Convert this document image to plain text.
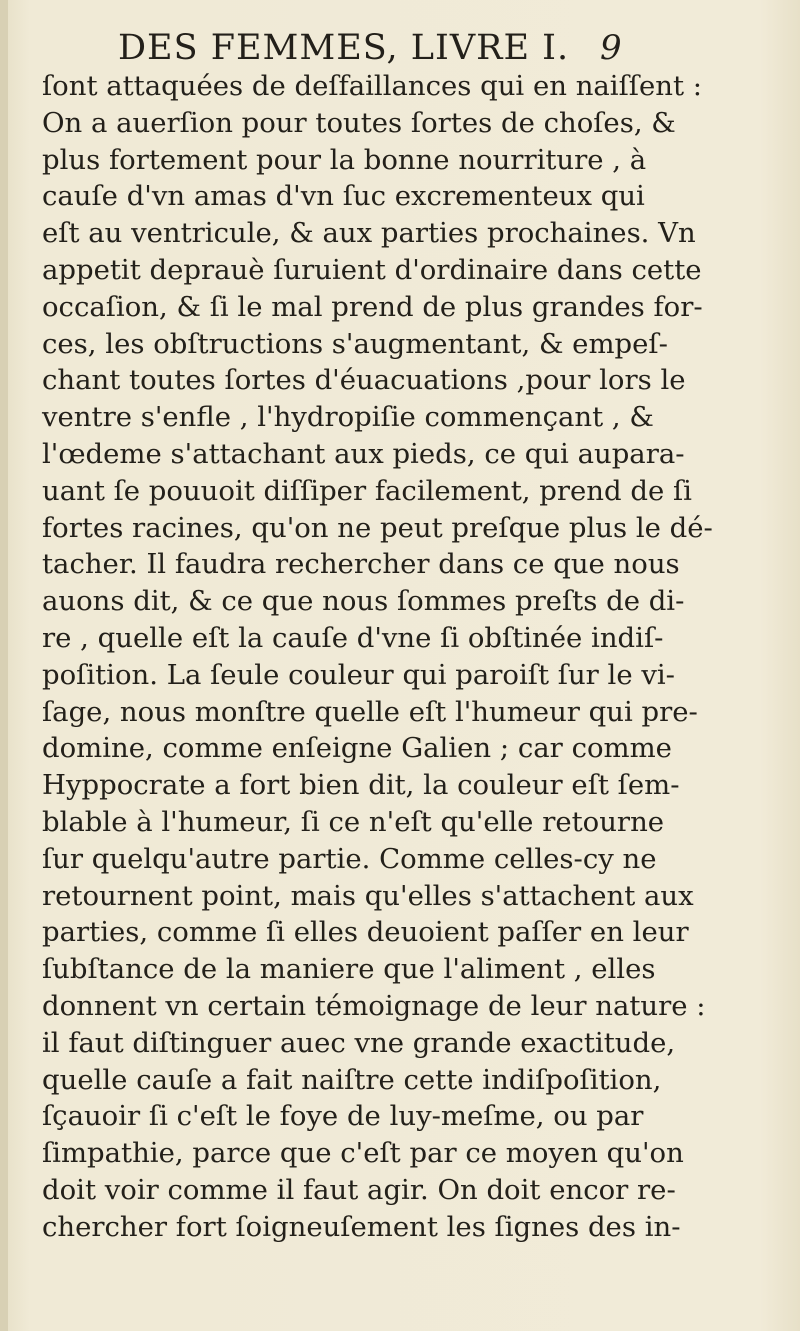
DES FEMMES, LIVRE I. 9
ſont attaquées de deſfaillances qui en naiſſent :
On a auerſion pour toutes ſortes de choſes, &
plus fortement pour la bonne nourriture , à
cauſe d'vn amas d'vn ſuc excrementeux qui
eſt au ventricule, & aux parties prochaines. Vn
appetit deprauè ſuruient d'ordinaire dans cette
occaſion, & ſi le mal prend de plus grandes for-
ces, les obſtructions s'augmentant, & empeſ-
chant toutes ſortes d'éuacuations ,pour lors le
ventre s'enfle , l'hydropiſie commençant , &
l'œdeme s'attachant aux pieds, ce qui aupara-
uant ſe pouuoit diſſiper facilement, prend de ſi
fortes racines, qu'on ne peut preſque plus le dé-
tacher. Il faudra rechercher dans ce que nous
auons dit, & ce que nous ſommes preſts de di-
re , quelle eſt la cauſe d'vne ſi obſtinée indiſ-
poſition. La ſeule couleur qui paroiſt ſur le vi-
ſage, nous monſtre quelle eſt l'humeur qui pre-
domine, comme enſeigne Galien ; car comme
Hyppocrate a fort bien dit, la couleur eſt ſem-
blable à l'humeur, ſi ce n'eſt qu'elle retourne
ſur quelqu'autre partie. Comme celles-cy ne
retournent point, mais qu'elles s'attachent aux
parties, comme ſi elles deuoient paſſer en leur
ſubſtance de la maniere que l'aliment , elles
donnent vn certain témoignage de leur nature :
il faut diſtinguer auec vne grande exactitude,
quelle cauſe a fait naiſtre cette indiſpoſition,
ſçauoir ſi c'eſt le foye de luy-meſme, ou par
ſimpathie, parce que c'eſt par ce moyen qu'on
doit voir comme il faut agir. On doit encor re-
chercher fort ſoigneuſement les ſignes des in-
